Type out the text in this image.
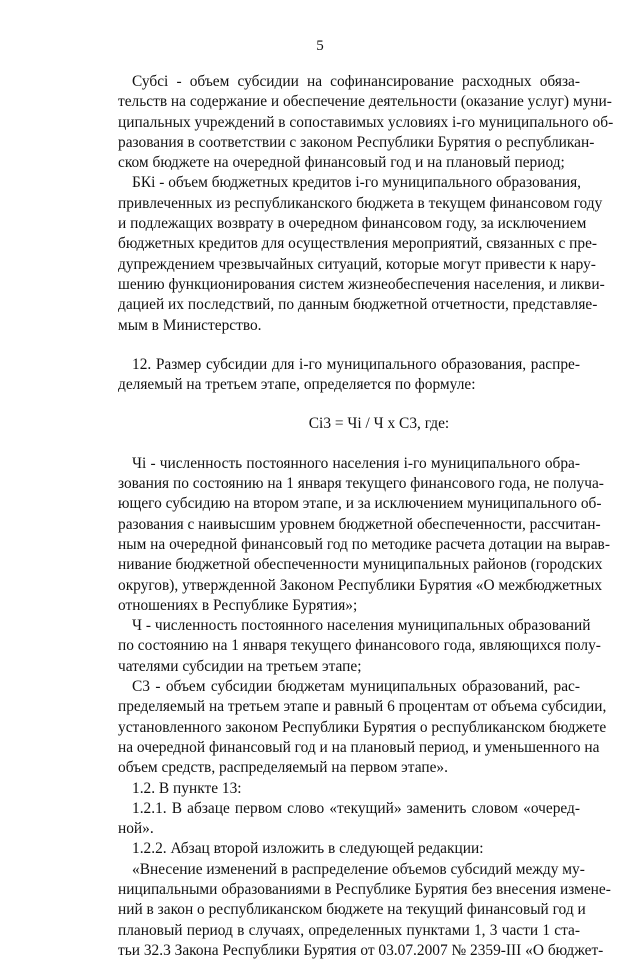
5
Субсi - объем субсидии на софинансирование расходных обяза-
тельств на содержание и обеспечение деятельности (оказание услуг) муни-
ципальных учреждений в сопоставимых условиях i-го муниципального об-
разования в соответствии с законом Республики Бурятия о республикан-
ском бюджете на очередной финансовый год и на плановый период;
БКi - объем бюджетных кредитов i-го муниципального образования,
привлеченных из республиканского бюджета в текущем финансовом году
и подлежащих возврату в очередном финансовом году, за исключением
бюджетных кредитов для осуществления мероприятий, связанных с пре-
дупреждением чрезвычайных ситуаций, которые могут привести к нару-
шению функционирования систем жизнеобеспечения населения, и ликви-
дацией их последствий, по данным бюджетной отчетности, представляе-
мым в Министерство.
12. Размер субсидии для i-го муниципального образования, распре-
деляемый на третьем этапе, определяется по формуле:
Сi3 = Чi / Ч x С3, где:
Чi - численность постоянного населения i-го муниципального обра-
зования по состоянию на 1 января текущего финансового года, не получа-
ющего субсидию на втором этапе, и за исключением муниципального об-
разования с наивысшим уровнем бюджетной обеспеченности, рассчитан-
ным на очередной финансовый год по методике расчета дотации на вырав-
нивание бюджетной обеспеченности муниципальных районов (городских
округов), утвержденной Законом Республики Бурятия «О межбюджетных
отношениях в Республике Бурятия»;
Ч - численность постоянного населения муниципальных образований
по состоянию на 1 января текущего финансового года, являющихся полу-
чателями субсидии на третьем этапе;
С3 - объем субсидии бюджетам муниципальных образований, рас-
пределяемый на третьем этапе и равный 6 процентам от объема субсидии,
установленного законом Республики Бурятия о республиканском бюджете
на очередной финансовый год и на плановый период, и уменьшенного на
объем средств, распределяемый на первом этапе».
1.2. В пункте 13:
1.2.1. В абзаце первом слово «текущий» заменить словом «очеред-
ной».
1.2.2. Абзац второй изложить в следующей редакции:
«Внесение изменений в распределение объемов субсидий между му-
ниципальными образованиями в Республике Бурятия без внесения измене-
ний в закон о республиканском бюджете на текущий финансовый год и
плановый период в случаях, определенных пунктами 1, 3 части 1 ста-
тьи 32.3 Закона Республики Бурятия от 03.07.2007 № 2359-III «О бюджет-
